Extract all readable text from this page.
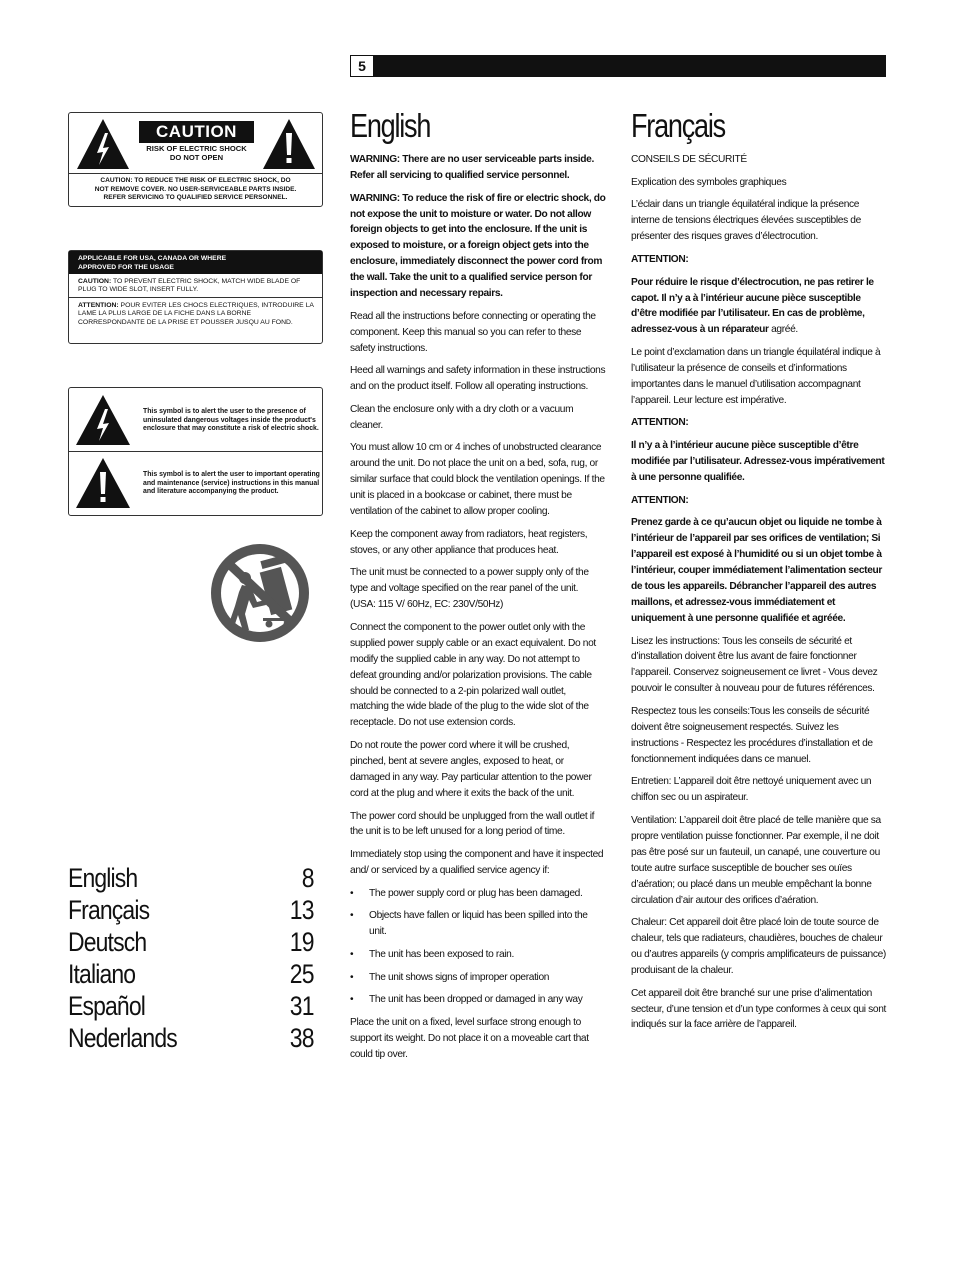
5
CAUTION
RISK OF ELECTRIC SHOCK
DO NOT OPEN
CAUTION: TO REDUCE THE RISK OF ELECTRIC SHOCK, DO
NOT REMOVE COVER. NO USER-SERVICEABLE PARTS INSIDE.
REFER SERVICING TO QUALIFIED SERVICE PERSONNEL.
APPLICABLE FOR USA, CANADA OR WHERE
APPROVED FOR THE USAGE
CAUTION: TO PREVENT ELECTRIC SHOCK, MATCH WIDE BLADE OF PLUG TO WIDE SLOT, INSERT FULLY.
ATTENTION: POUR EVITER LES CHOCS ELECTRIQUES, INTRODUIRE LA LAME LA PLUS LARGE DE LA FICHE DANS LA BORNE CORRESPONDANTE DE LA PRISE ET POUSSER JUSQU AU FOND.
This symbol is to alert the user to the presence of uninsulated dangerous voltages inside the product's enclosure that may constitute a risk of electric shock.
This symbol is to alert the user to important operating and maintenance (service) instructions in this manual and literature accompanying the product.
English	8
Français	13
Deutsch	19
Italiano	25
Español	31
Nederlands	38
English

WARNING: There are no user serviceable parts inside. Refer all servicing to qualified service personnel.

WARNING: To reduce the risk of fire or electric shock, do not expose the unit to moisture or water. Do not allow foreign objects to get into the enclosure. If the unit is exposed to moisture, or a foreign object gets into the enclosure, immediately disconnect the power cord from the wall. Take the unit to a qualified service person for inspection and necessary repairs.

Read all the instructions before connecting or operating the component. Keep this manual so you can refer to these safety instructions.

Heed all warnings and safety information in these instructions and on the product itself. Follow all operating instructions.

Clean the enclosure only with a dry cloth or a vacuum cleaner.

You must allow 10 cm or 4 inches of unobstructed clearance around the unit. Do not place the unit on a bed, sofa, rug, or similar surface that could block the ventilation openings. If the unit is placed in a bookcase or cabinet, there must be ventilation of the cabinet to allow proper cooling.

Keep the component away from radiators, heat registers, stoves, or any other appliance that produces heat.

The unit must be connected to a power supply only of the type and voltage specified on the rear panel of the unit. (USA: 115 V/ 60Hz, EC: 230V/50Hz)

Connect the component to the power outlet only with the supplied power supply cable or an exact equivalent. Do not modify the supplied cable in any way. Do not attempt to defeat grounding and/or polarization provisions. The cable should be connected to a 2-pin polarized wall outlet, matching the wide blade of the plug to the wide slot of the receptacle. Do not use extension cords.

Do not route the power cord where it will be crushed, pinched, bent at severe angles, exposed to heat, or damaged in any way. Pay particular attention to the power cord at the plug and where it exits the back of the unit.

The power cord should be unplugged from the wall outlet if the unit is to be left unused for a long period of time.

Immediately stop using the component and have it inspected and/ or serviced by a qualified service agency if:

•	The power supply cord or plug has been damaged.
•	Objects have fallen or liquid has been spilled into the unit.
•	The unit has been exposed to rain.
•	The unit shows signs of improper operation
•	The unit has been dropped or damaged in any way

Place the unit on a fixed, level surface strong enough to support its weight. Do not place it on a moveable cart that could tip over.

Français

CONSEILS DE SÉCURITÉ

Explication des symboles graphiques

L’éclair dans un triangle équilatéral indique la présence interne de tensions électriques élevées susceptibles de présenter des risques graves d’électrocution.

ATTENTION:

Pour réduire le risque d’électrocution, ne pas retirer le capot. Il n’y a à l’intérieur aucune pièce susceptible d’être modifiée par l’utilisateur. En cas de problème, adressez-vous à un réparateur agréé.

Le point d’exclamation dans un triangle équilatéral indique à l’utilisateur la présence de conseils et d’informations importantes dans le manuel d’utilisation accompagnant l’appareil. Leur lecture est impérative.

ATTENTION:

Il n’y a à l’intérieur aucune pièce susceptible d’être modifiée par l’utilisateur. Adressez-vous impérativement à une personne qualifiée.

ATTENTION:

Prenez garde à ce qu’aucun objet ou liquide ne tombe à l’intérieur de l’appareil par ses orifices de ventilation; Si l’appareil est exposé à l’humidité ou si un objet tombe à l’intérieur, couper immédiatement l’alimentation secteur de tous les appareils. Débrancher l’appareil des autres maillons, et adressez-vous immédiatement et uniquement à une personne qualifiée et agréée.

Lisez les instructions: Tous les conseils de sécurité et d’installation doivent être lus avant de faire fonctionner l’appareil. Conservez soigneusement ce livret - Vous devez pouvoir le consulter à nouveau pour de futures références.

Respectez tous les conseils:Tous les conseils de sécurité doivent être soigneusement respectés. Suivez les instructions - Respectez les procédures d’installation et de fonctionnement indiquées dans ce manuel.

Entretien: L’appareil doit être nettoyé uniquement avec un chiffon sec ou un aspirateur.

Ventilation: L’appareil doit être placé de telle manière que sa propre ventilation puisse fonctionner. Par exemple, il ne doit pas être posé sur un fauteuil, un canapé, une couverture ou toute autre surface susceptible de boucher ses ouïes d’aération; ou placé dans un meuble empêchant la bonne circulation d’air autour des orifices d’aération.

Chaleur: Cet appareil doit être placé loin de toute source de chaleur, tels que radiateurs, chaudières, bouches de chaleur ou d’autres appareils (y compris amplificateurs de puissance) produisant de la chaleur.

Cet appareil doit être branché sur une prise d’alimentation secteur, d’une tension et d’un type conformes à ceux qui sont indiqués sur la face arrière de l’appareil.
